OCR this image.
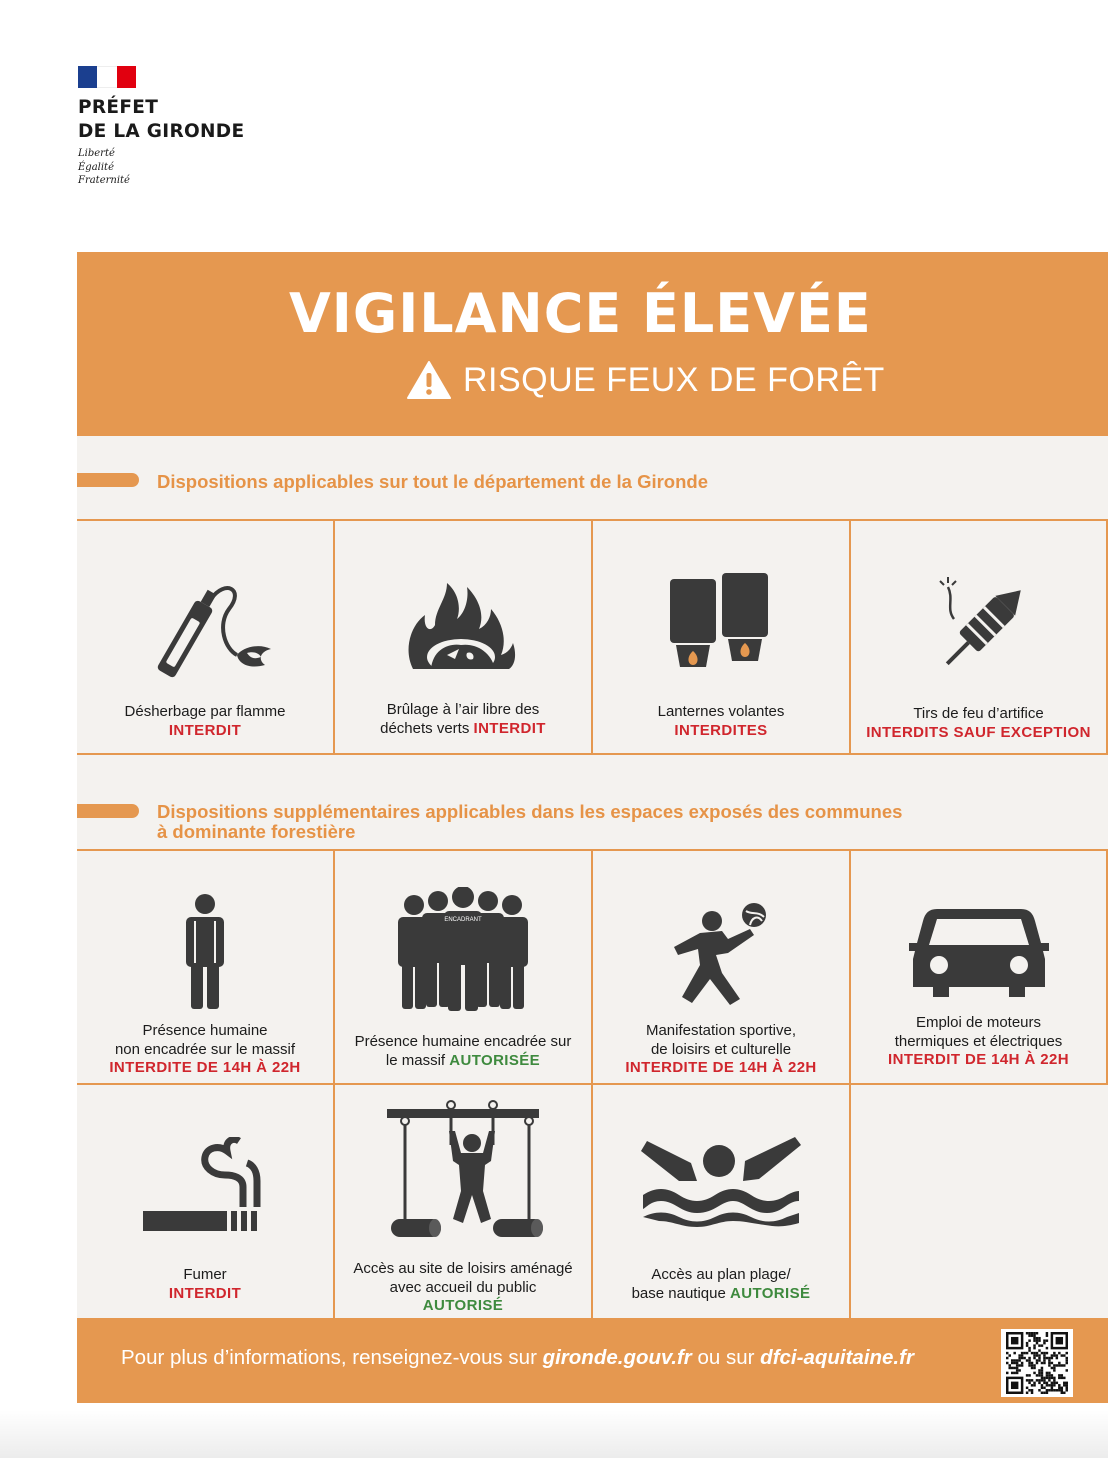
PRÉFET
DE LA GIRONDE
Liberté
Égalité
Fraternité
VIGILANCE ÉLEVÉE
RISQUE FEUX DE FORÊT
Dispositions applicables sur tout le département de la Gironde
Désherbage par flamme
INTERDIT
Brûlage à l’air libre des
déchets verts INTERDIT
Lanternes volantes
INTERDITES
Tirs de feu d’artifice
INTERDITS SAUF EXCEPTION
Dispositions supplémentaires applicables dans les espaces exposés des communes
à dominante forestière
Présence humaine
non encadrée sur le massif
INTERDITE DE 14H À 22H
ENCADRANT
Présence humaine encadrée sur
le massif AUTORISÉE
Manifestation sportive,
de loisirs et culturelle
INTERDITE DE 14H À 22H
Emploi de moteurs
thermiques et électriques
INTERDIT DE 14H À 22H
Fumer
INTERDIT
Accès au site de loisirs aménagé
avec accueil du public
AUTORISÉ
Accès au plan plage/
base nautique AUTORISÉ
Pour plus d’informations, renseignez-vous sur gironde.gouv.fr ou sur dfci-aquitaine.fr
